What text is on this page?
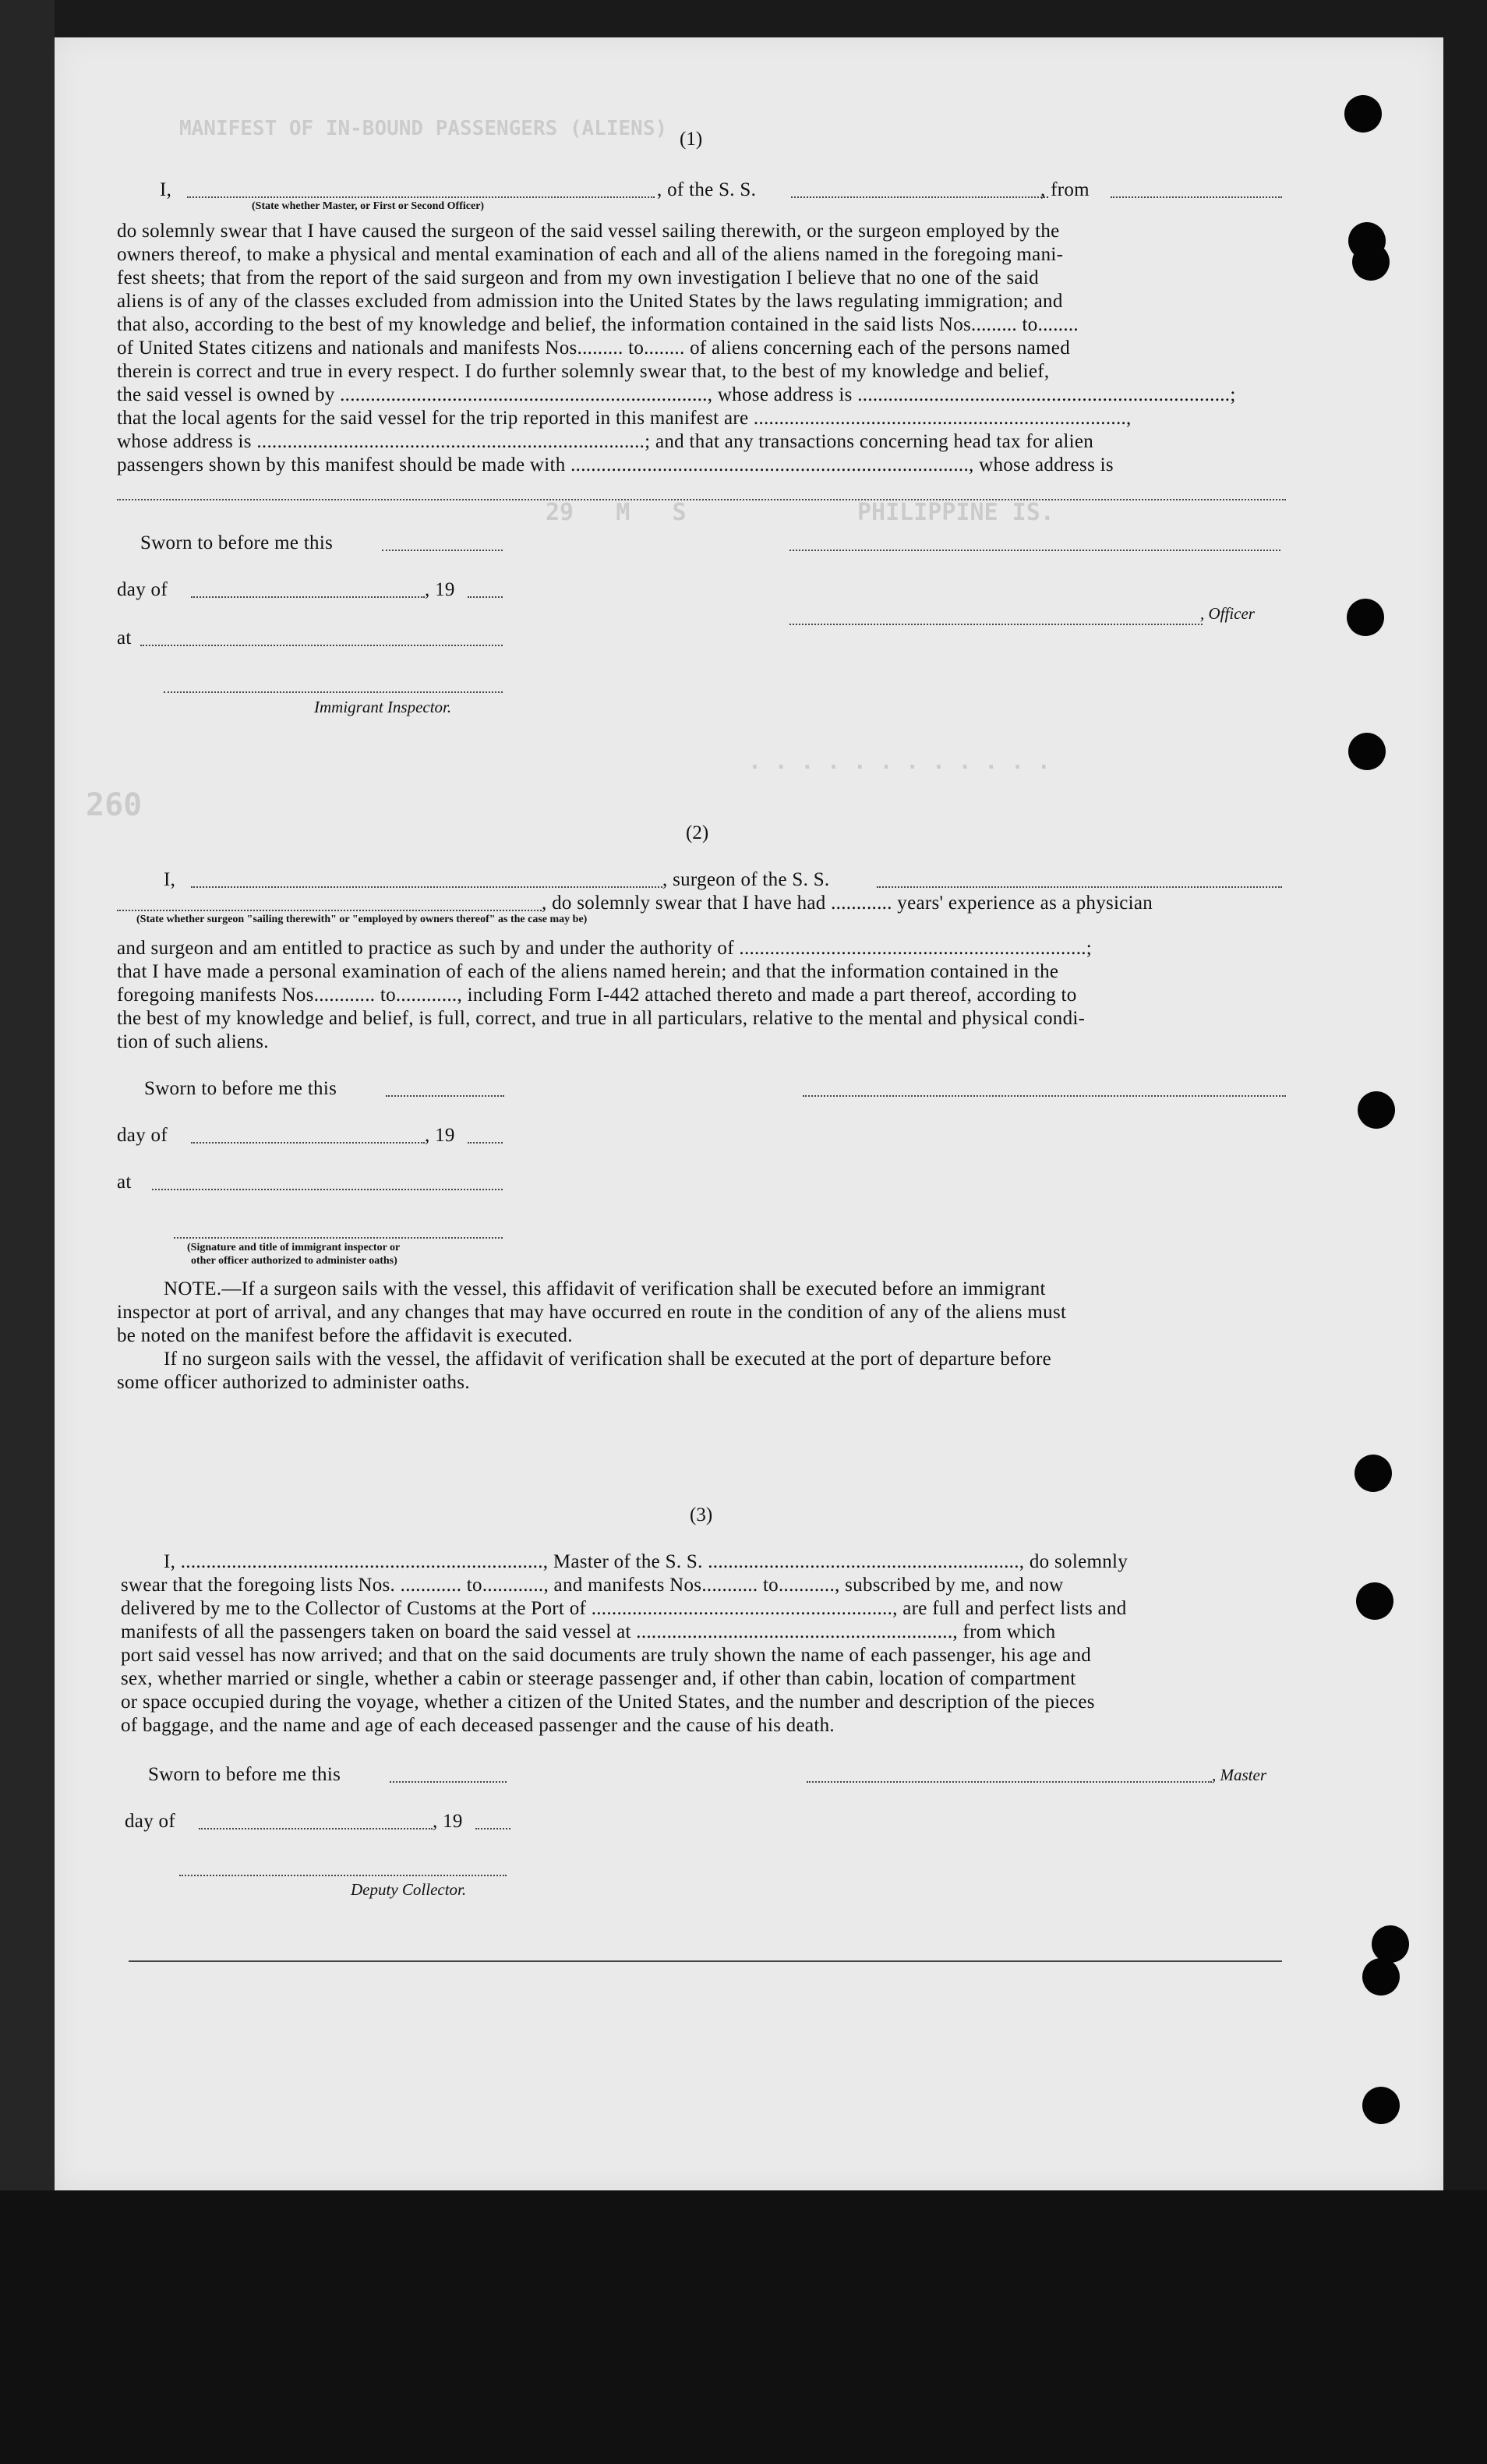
MANIFEST OF IN-BOUND PASSENGERS (ALIENS)
29   M   S	PHILIPPINE IS.
. . . . . . . . . . . .
260
(1)
I,	, of the S. S.	, from
(State whether Master, or First or Second Officer)
do solemnly swear that I have caused the surgeon of the said vessel sailing therewith, or the surgeon employed by the
owners thereof, to make a physical and mental examination of each and all of the aliens named in the foregoing mani-
fest sheets; that from the report of the said surgeon and from my own investigation I believe that no one of the said
aliens is of any of the classes excluded from admission into the United States by the laws regulating immigration; and
that also, according to the best of my knowledge and belief, the information contained in the said lists Nos......... to........
of United States citizens and nationals and manifests Nos......... to........ of aliens concerning each of the persons named
therein is correct and true in every respect. I do further solemnly swear that, to the best of my knowledge and belief,
the said vessel is owned by ........................................................................, whose address is .........................................................................;
that the local agents for the said vessel for the trip reported in this manifest are .........................................................................,
whose address is ............................................................................; and that any transactions concerning head tax for alien
passengers shown by this manifest should be made with .............................................................................., whose address is
Sworn to before me this
day of	, 19
at
Immigrant Inspector.
, Officer
(2)
I,	, surgeon of the S. S.
, do solemnly swear that I have had ............ years' experience as a physician
(State whether surgeon "sailing therewith" or "employed by owners thereof" as the case may be)
and surgeon and am entitled to practice as such by and under the authority of ....................................................................;
that I have made a personal examination of each of the aliens named herein; and that the information contained in the
foregoing manifests Nos............ to............, including Form I-442 attached thereto and made a part thereof, according to
the best of my knowledge and belief, is full, correct, and true in all particulars, relative to the mental and physical condi-
tion of such aliens.
Sworn to before me this
day of	, 19
at
(Signature and title of immigrant inspector or
other officer authorized to administer oaths)
NOTE.—If a surgeon sails with the vessel, this affidavit of verification shall be executed before an immigrant
inspector at port of arrival, and any changes that may have occurred en route in the condition of any of the aliens must
be noted on the manifest before the affidavit is executed.
If no surgeon sails with the vessel, the affidavit of verification shall be executed at the port of departure before
some officer authorized to administer oaths.
(3)
I, ......................................................................., Master of the S. S. ............................................................., do solemnly
swear that the foregoing lists Nos. ............ to............, and manifests Nos........... to..........., subscribed by me, and now
delivered by me to the Collector of Customs at the Port of ..........................................................., are full and perfect lists and
manifests of all the passengers taken on board the said vessel at .............................................................., from which
port said vessel has now arrived; and that on the said documents are truly shown the name of each passenger, his age and
sex, whether married or single, whether a cabin or steerage passenger and, if other than cabin, location of compartment
or space occupied during the voyage, whether a citizen of the United States, and the number and description of the pieces
of baggage, and the name and age of each deceased passenger and the cause of his death.
Sworn to before me this	, Master
day of	, 19
Deputy Collector.
